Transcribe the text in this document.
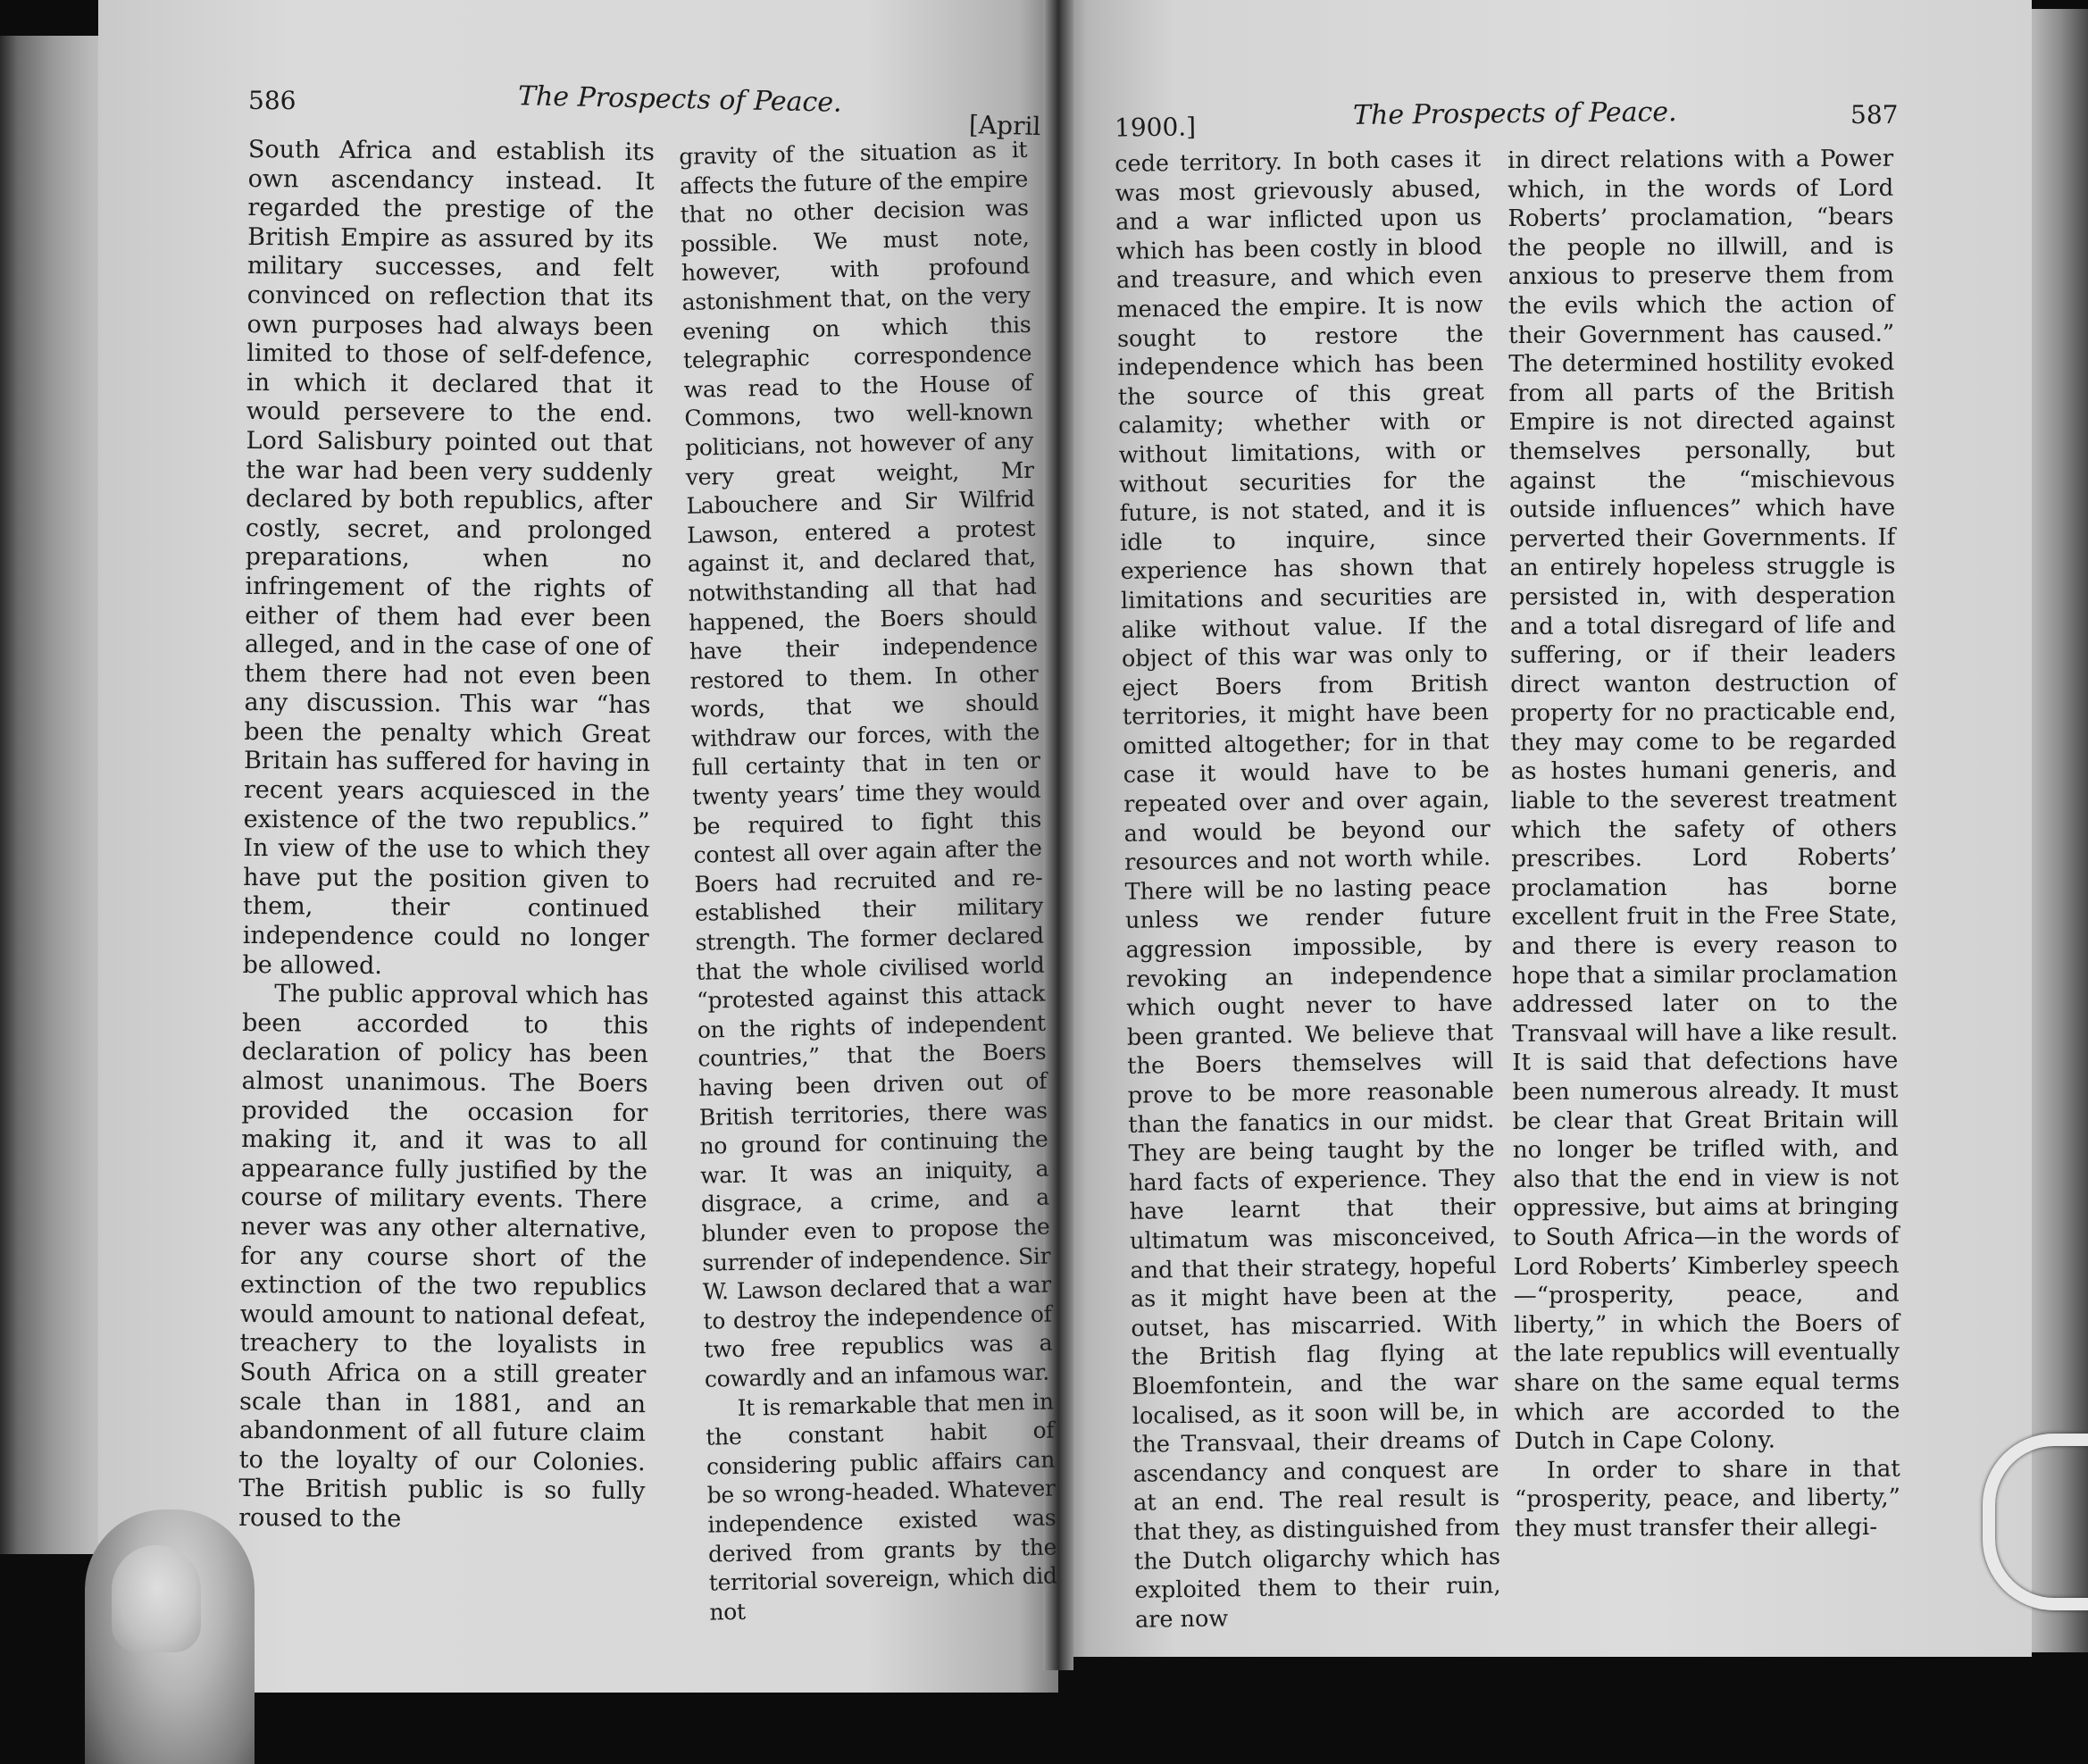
586	The Prospects of Peace.
[April	1900.]	The Prospects of Peace.	587

South Africa and establish its own ascendancy instead. It regarded the prestige of the British Empire as assured by its military successes, and felt convinced on reflection that its own purposes had always been limited to those of self-defence, in which it declared that it would persevere to the end. Lord Salisbury pointed out that the war had been very suddenly declared by both republics, after costly, secret, and prolonged preparations, when no infringement of the rights of either of them had ever been alleged, and in the case of one of them there had not even been any discussion. This war “has been the penalty which Great Britain has suffered for having in recent years acquiesced in the existence of the two republics.” In view of the use to which they have put the position given to them, their continued independence could no longer be allowed.

The public approval which has been accorded to this declaration of policy has been almost unanimous. The Boers provided the occasion for making it, and it was to all appearance fully justified by the course of military events. There never was any other alternative, for any course short of the extinction of the two republics would amount to national defeat, treachery to the loyalists in South Africa on a still greater scale than in 1881, and an abandonment of all future claim to the loyalty of our Colonies. The British public is so fully roused to the

gravity of the situation as it affects the future of the empire that no other decision was possible. We must note, however, with profound astonishment that, on the very evening on which this telegraphic correspondence was read to the House of Commons, two well-known politicians, not however of any very great weight, Mr Labouchere and Sir Wilfrid Lawson, entered a protest against it, and declared that, notwithstanding all that had happened, the Boers should have their independence restored to them. In other words, that we should withdraw our forces, with the full certainty that in ten or twenty years’ time they would be required to fight this contest all over again after the Boers had recruited and re-established their military strength. The former declared that the whole civilised world “protested against this attack on the rights of independent countries,” that the Boers having been driven out of British territories, there was no ground for continuing the war. It was an iniquity, a disgrace, a crime, and a blunder even to propose the surrender of independence. Sir W. Lawson declared that a war to destroy the independence of two free republics was a cowardly and an infamous war.

It is remarkable that men in the constant habit of considering public affairs can be so wrong-headed. Whatever independence existed was derived from grants by the territorial sovereign, which did not

cede territory. In both cases it was most grievously abused, and a war inflicted upon us which has been costly in blood and treasure, and which even menaced the empire. It is now sought to restore the independence which has been the source of this great calamity; whether with or without limitations, with or without securities for the future, is not stated, and it is idle to inquire, since experience has shown that limitations and securities are alike without value. If the object of this war was only to eject Boers from British territories, it might have been omitted altogether; for in that case it would have to be repeated over and over again, and would be beyond our resources and not worth while. There will be no lasting peace unless we render future aggression impossible, by revoking an independence which ought never to have been granted. We believe that the Boers themselves will prove to be more reasonable than the fanatics in our midst. They are being taught by the hard facts of experience. They have learnt that their ultimatum was misconceived, and that their strategy, hopeful as it might have been at the outset, has miscarried. With the British flag flying at Bloemfontein, and the war localised, as it soon will be, in the Transvaal, their dreams of ascendancy and conquest are at an end. The real result is that they, as distinguished from the Dutch oligarchy which has exploited them to their ruin, are now

in direct relations with a Power which, in the words of Lord Roberts’ proclamation, “bears the people no illwill, and is anxious to preserve them from the evils which the action of their Government has caused.” The determined hostility evoked from all parts of the British Empire is not directed against themselves personally, but against the “mischievous outside influences” which have perverted their Governments. If an entirely hopeless struggle is persisted in, with desperation and a total disregard of life and suffering, or if their leaders direct wanton destruction of property for no practicable end, they may come to be regarded as hostes humani generis, and liable to the severest treatment which the safety of others prescribes. Lord Roberts’ proclamation has borne excellent fruit in the Free State, and there is every reason to hope that a similar proclamation addressed later on to the Transvaal will have a like result. It is said that defections have been numerous already. It must be clear that Great Britain will no longer be trifled with, and also that the end in view is not oppressive, but aims at bringing to South Africa—in the words of Lord Roberts’ Kimberley speech—“prosperity, peace, and liberty,” in which the Boers of the late republics will eventually share on the same equal terms which are accorded to the Dutch in Cape Colony.

In order to share in that “prosperity, peace, and liberty,” they must transfer their allegi-
